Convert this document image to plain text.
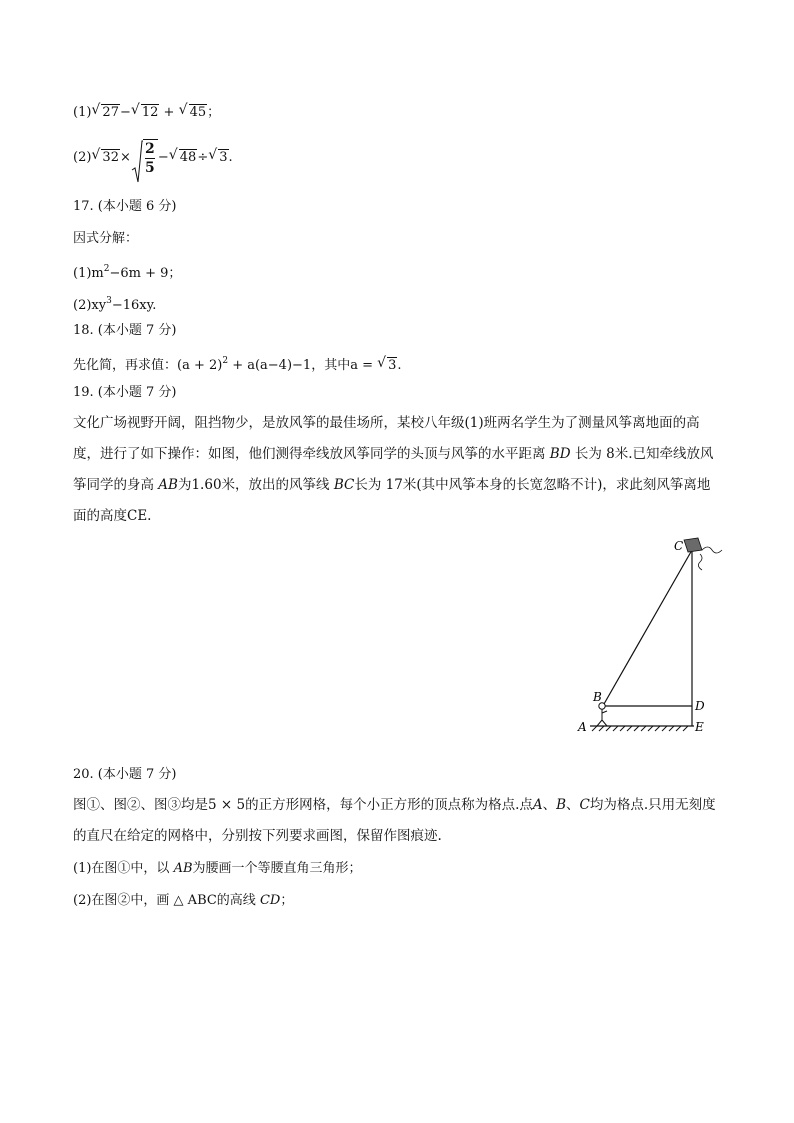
(1) √ 27− √ 12 + √ 45；
(2) √ $32 \times \frac{2}{5}$ − √ 48 ÷ √ 3 .
17. (本小题 6 分)
因式分解：
$(1)m^2-6m + 9$；
$(2)xy^3-16xy$.
18. (本小题 7 分)
先化简，再求值：$(a + 2)^2 + a(a-4)-1$，其中a = √ 3.
19. (本小题 7 分)
文化广场视野开阔，阻挡物少，是放风筝的最佳场所，某校八年级(1)班两名学生为了测量风筝离地面的高度，进行了如下操作：如图，他们测得牵线放风筝同学的头顶与风筝的水平距离 BD 长为 8米.已知牵线放风筝同学的身高 AB为1.60米，放出的风筝线 BC长为 17米(其中风筝本身的长宽忽略不计)，求此刻风筝离地面的高度CE.
C
B
D
A	E
20. (本小题 7 分)
图①、图②、图③均是5 × 5的正方形网格，每个小正方形的顶点称为格点.点A、B、C均为格点.只用无刻度的直尺在给定的网格中，分别按下列要求画图，保留作图痕迹.
(1)在图①中，以 AB为腰画一个等腰直角三角形；
(2)在图②中，画 △ ABC的高线 CD；
